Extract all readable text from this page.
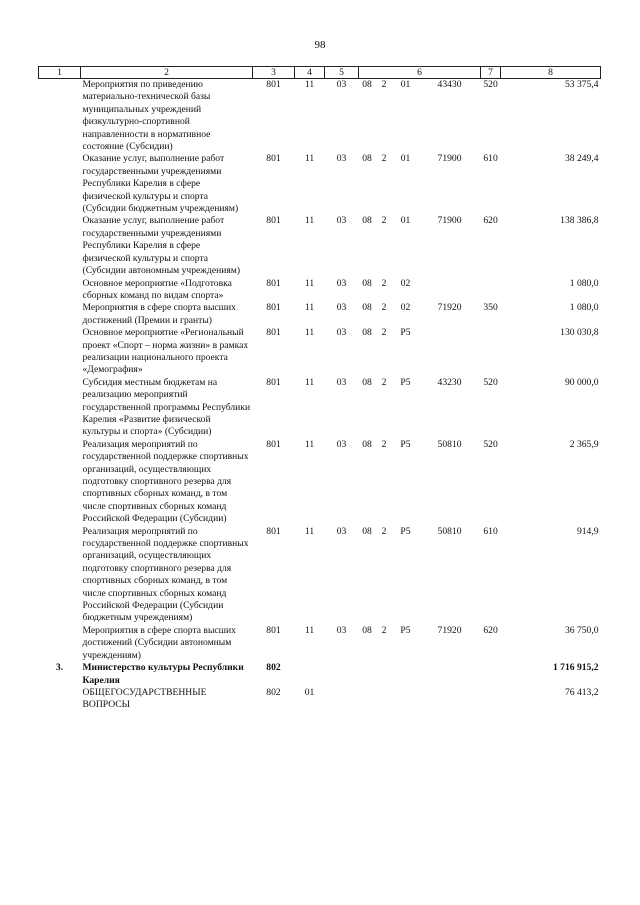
98
1	2	3	4	5	6				7	8
	Мероприятия по приведению материально-технической базы муниципальных учреждений физкультурно-спортивной направленности в нормативное состояние (Субсидии)	801	11	03	08	2	01	43430	520	53 375,4
	Оказание услуг, выполнение работ государственными учреждениями Республики Карелия в сфере физической культуры и спорта (Субсидии бюджетным учреждениям)	801	11	03	08	2	01	71900	610	38 249,4
	Оказание услуг, выполнение работ государственными учреждениями Республики Карелия в сфере физической культуры и спорта (Субсидии автономным учреждениям)	801	11	03	08	2	01	71900	620	138 386,8
	Основное мероприятие «Подготовка сборных команд по видам спорта»	801	11	03	08	2	02			1 080,0
	Мероприятия в сфере спорта высших достижений (Премии и гранты)	801	11	03	08	2	02	71920	350	1 080,0
	Основное мероприятие «Региональный проект «Спорт – норма жизни» в рамках реализации национального проекта «Демография»	801	11	03	08	2	P5			130 030,8
	Субсидия местным бюджетам на реализацию мероприятий государственной программы Республики Карелия «Развитие физической культуры и спорта» (Субсидии)	801	11	03	08	2	P5	43230	520	90 000,0
	Реализация мероприятий по государственной поддержке спортивных организаций, осуществляющих подготовку спортивного резерва для спортивных сборных команд, в том числе спортивных сборных команд Российской Федерации (Субсидии)	801	11	03	08	2	P5	50810	520	2 365,9
	Реализация мероприятий по государственной поддержке спортивных организаций, осуществляющих подготовку спортивного резерва для спортивных сборных команд, в том числе спортивных сборных команд Российской Федерации (Субсидии бюджетным учреждениям)	801	11	03	08	2	P5	50810	610	914,9
	Мероприятия в сфере спорта высших достижений (Субсидии автономным учреждениям)	801	11	03	08	2	P5	71920	620	36 750,0
3.	Министерство культуры Республики Карелия	802								1 716 915,2
	ОБЩЕГОСУДАРСТВЕННЫЕ ВОПРОСЫ	802	01							76 413,2
